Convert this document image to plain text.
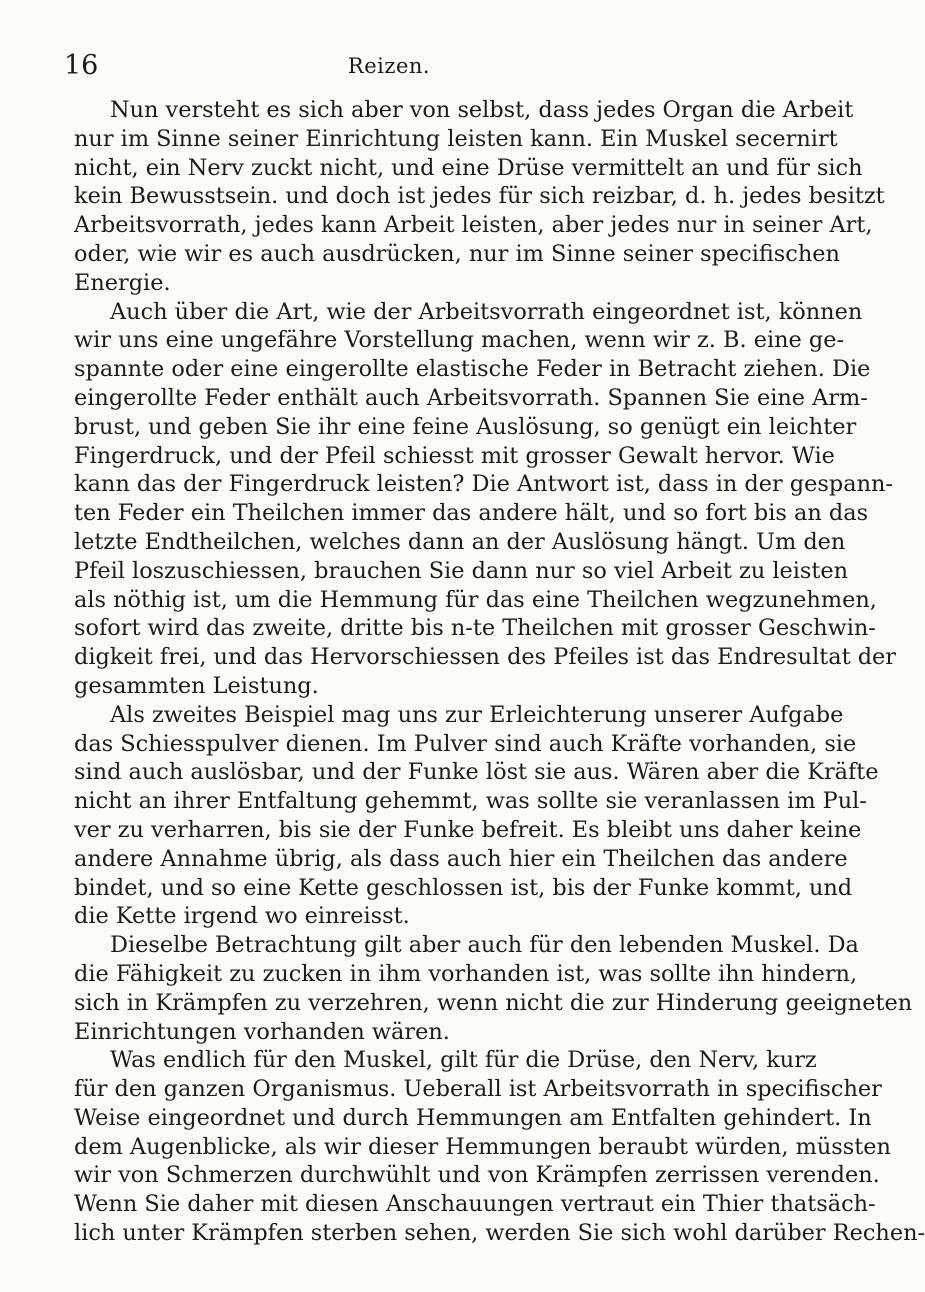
16	Reizen.
Nun versteht es sich aber von selbst, dass jedes Organ die Arbeit
nur im Sinne seiner Einrichtung leisten kann. Ein Muskel secernirt
nicht, ein Nerv zuckt nicht, und eine Drüse vermittelt an und für sich
kein Bewusstsein. und doch ist jedes für sich reizbar, d. h. jedes besitzt
Arbeitsvorrath, jedes kann Arbeit leisten, aber jedes nur in seiner Art,
oder, wie wir es auch ausdrücken, nur im Sinne seiner specifischen
Energie.
Auch über die Art, wie der Arbeitsvorrath eingeordnet ist, können
wir uns eine ungefähre Vorstellung machen, wenn wir z. B. eine ge-
spannte oder eine eingerollte elastische Feder in Betracht ziehen. Die
eingerollte Feder enthält auch Arbeitsvorrath. Spannen Sie eine Arm-
brust, und geben Sie ihr eine feine Auslösung, so genügt ein leichter
Fingerdruck, und der Pfeil schiesst mit grosser Gewalt hervor. Wie
kann das der Fingerdruck leisten? Die Antwort ist, dass in der gespann-
ten Feder ein Theilchen immer das andere hält, und so fort bis an das
letzte Endtheilchen, welches dann an der Auslösung hängt. Um den
Pfeil loszuschiessen, brauchen Sie dann nur so viel Arbeit zu leisten
als nöthig ist, um die Hemmung für das eine Theilchen wegzunehmen,
sofort wird das zweite, dritte bis n-te Theilchen mit grosser Geschwin-
digkeit frei, und das Hervorschiessen des Pfeiles ist das Endresultat der
gesammten Leistung.
Als zweites Beispiel mag uns zur Erleichterung unserer Aufgabe
das Schiesspulver dienen. Im Pulver sind auch Kräfte vorhanden, sie
sind auch auslösbar, und der Funke löst sie aus. Wären aber die Kräfte
nicht an ihrer Entfaltung gehemmt, was sollte sie veranlassen im Pul-
ver zu verharren, bis sie der Funke befreit. Es bleibt uns daher keine
andere Annahme übrig, als dass auch hier ein Theilchen das andere
bindet, und so eine Kette geschlossen ist, bis der Funke kommt, und
die Kette irgend wo einreisst.
Dieselbe Betrachtung gilt aber auch für den lebenden Muskel. Da
die Fähigkeit zu zucken in ihm vorhanden ist, was sollte ihn hindern,
sich in Krämpfen zu verzehren, wenn nicht die zur Hinderung geeigneten
Einrichtungen vorhanden wären.
Was endlich für den Muskel, gilt für die Drüse, den Nerv, kurz
für den ganzen Organismus. Ueberall ist Arbeitsvorrath in specifischer
Weise eingeordnet und durch Hemmungen am Entfalten gehindert. In
dem Augenblicke, als wir dieser Hemmungen beraubt würden, müssten
wir von Schmerzen durchwühlt und von Krämpfen zerrissen verenden.
Wenn Sie daher mit diesen Anschauungen vertraut ein Thier thatsäch-
lich unter Krämpfen sterben sehen, werden Sie sich wohl darüber Rechen-
